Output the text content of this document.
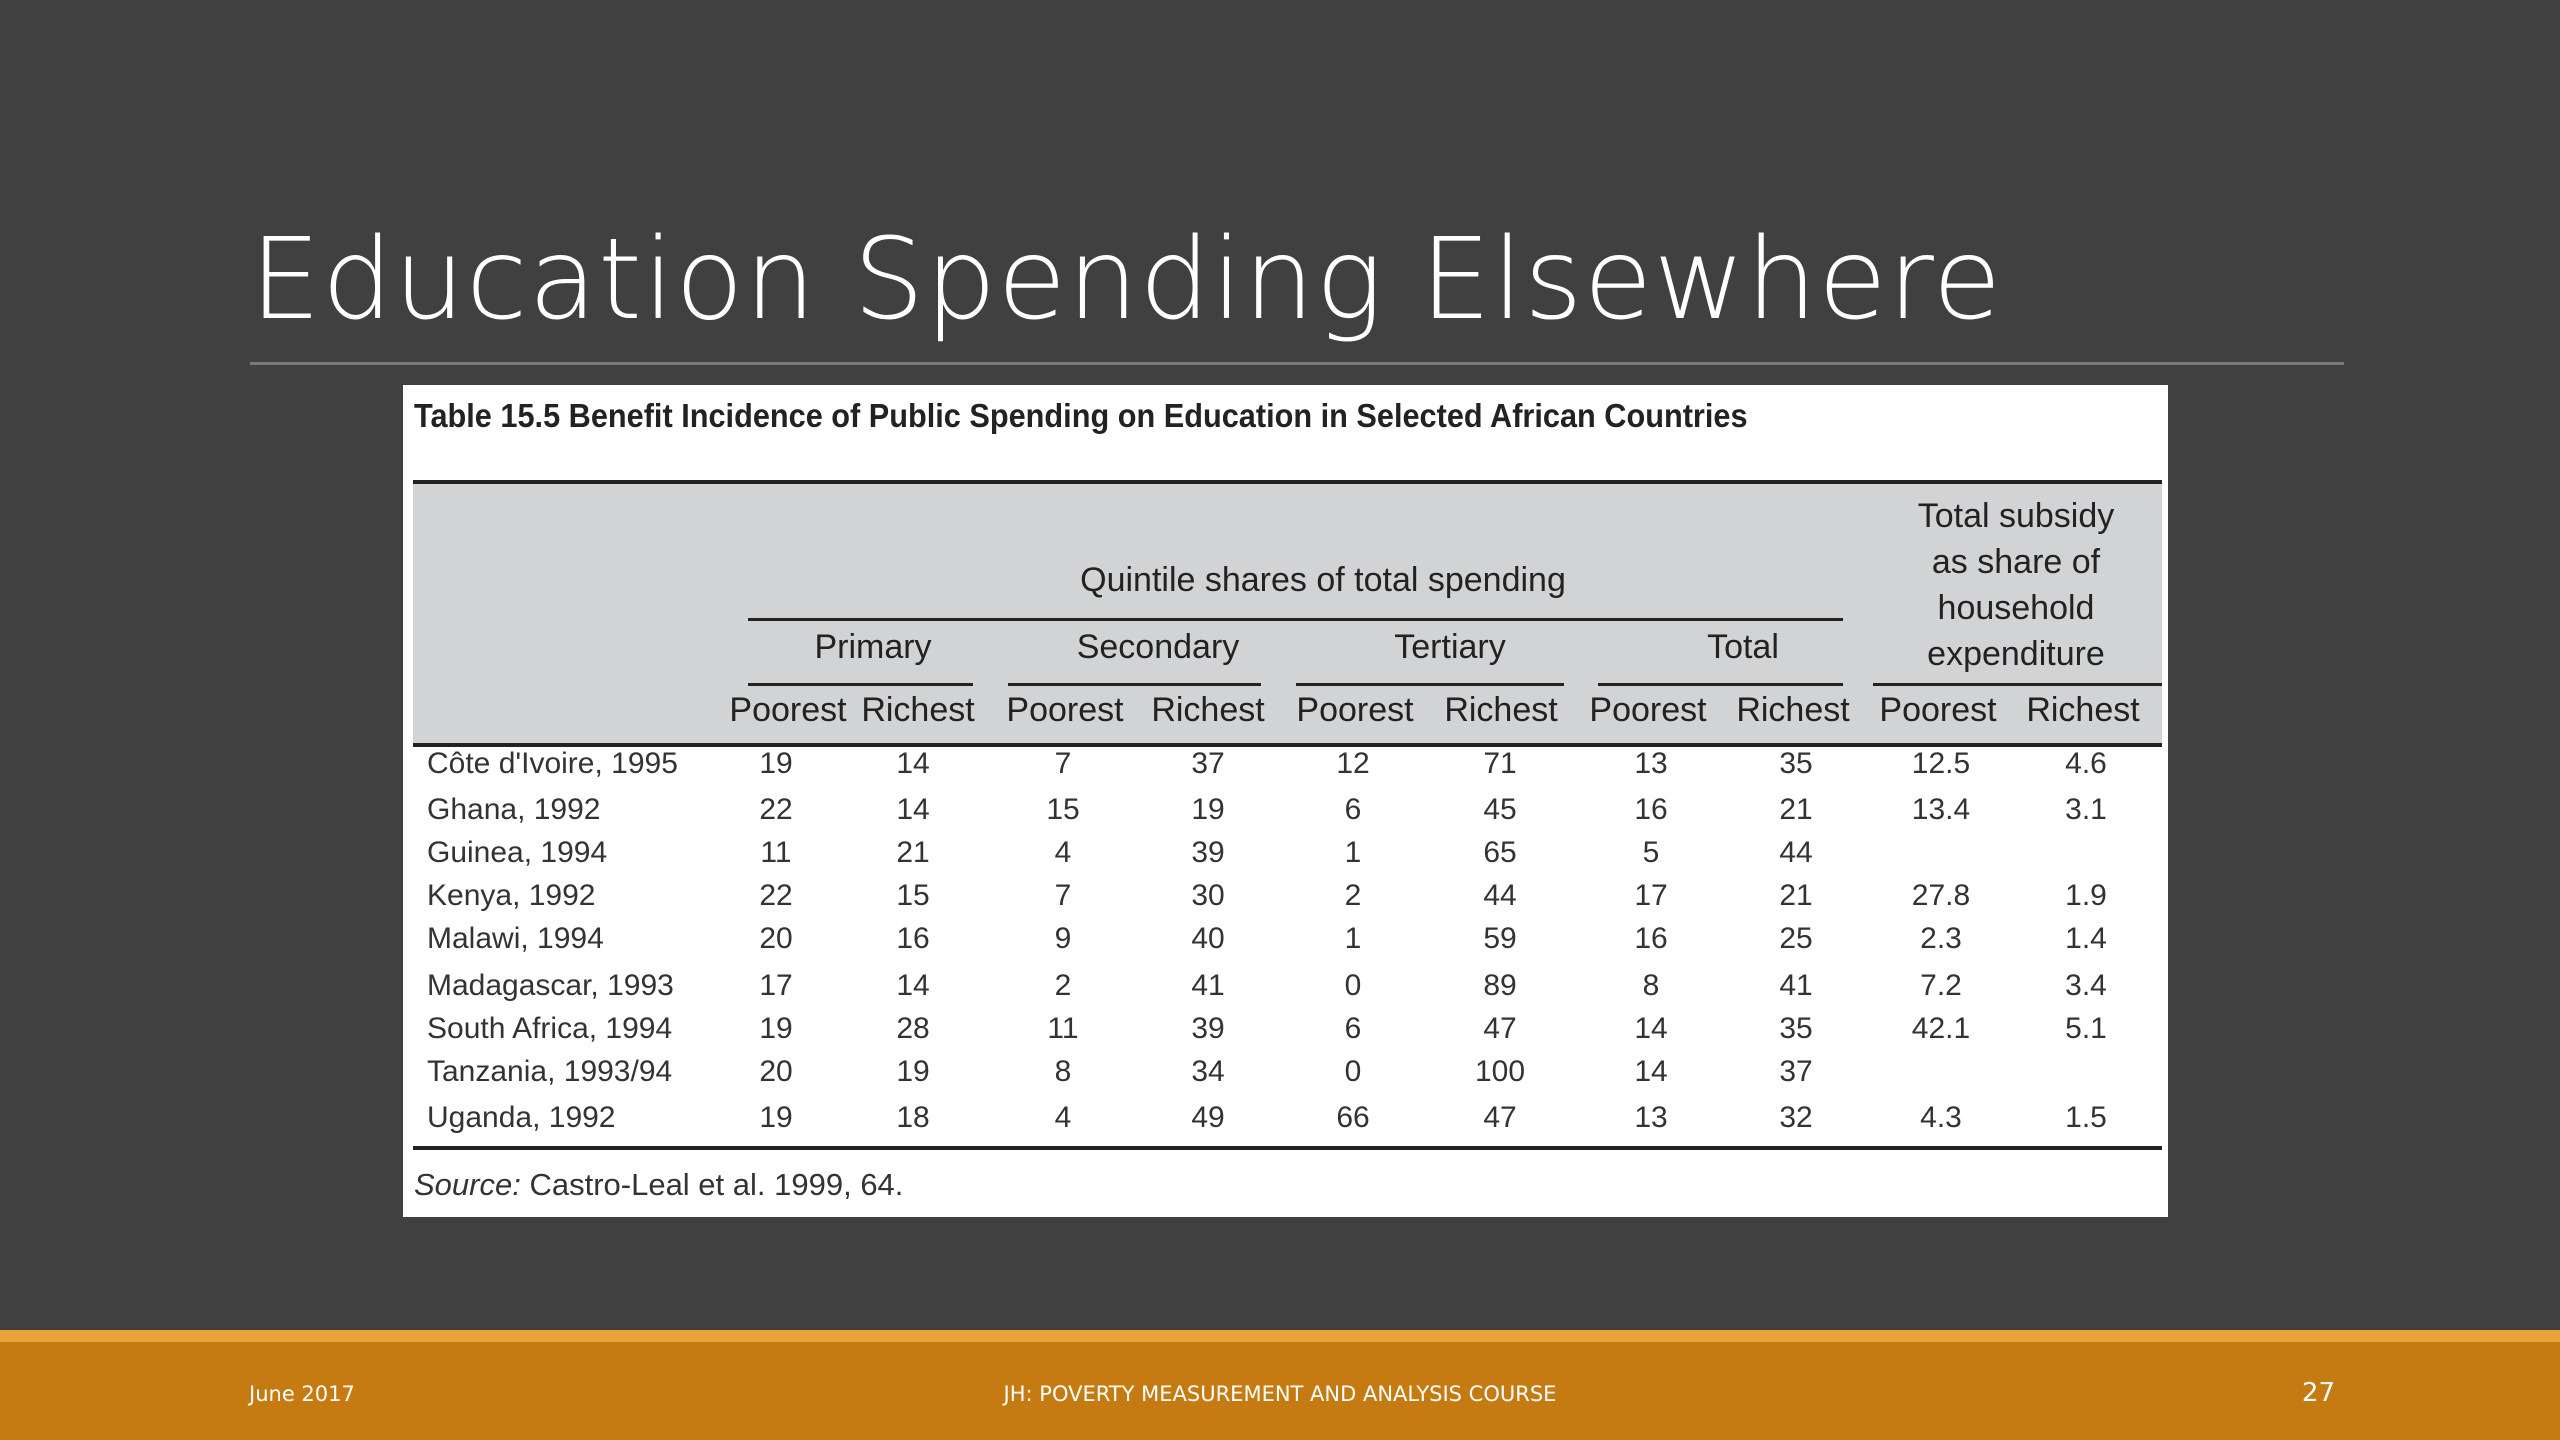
Education Spending Elsewhere
Table 15.5 Benefit Incidence of Public Spending on Education in Selected African Countries
Quintile shares of total spending
Primary	Secondary	Tertiary	Total
Total subsidy
as share of
household
expenditure
Poorest Richest Poorest Richest Poorest Richest Poorest Richest Poorest Richest
Côte d'Ivoire, 1995	19	14	7	37	12	71	13	35	12.5	4.6
Ghana, 1992	22	14	15	19	6	45	16	21	13.4	3.1
Guinea, 1994	11	21	4	39	1	65	5	44
Kenya, 1992	22	15	7	30	2	44	17	21	27.8	1.9
Malawi, 1994	20	16	9	40	1	59	16	25	2.3	1.4
Madagascar, 1993	17	14	2	41	0	89	8	41	7.2	3.4
South Africa, 1994	19	28	11	39	6	47	14	35	42.1	5.1
Tanzania, 1993/94	20	19	8	34	0	100	14	37
Uganda, 1992	19	18	4	49	66	47	13	32	4.3	1.5
Source: Castro-Leal et al. 1999, 64.
June 2017	JH: POVERTY MEASUREMENT AND ANALYSIS COURSE	27
